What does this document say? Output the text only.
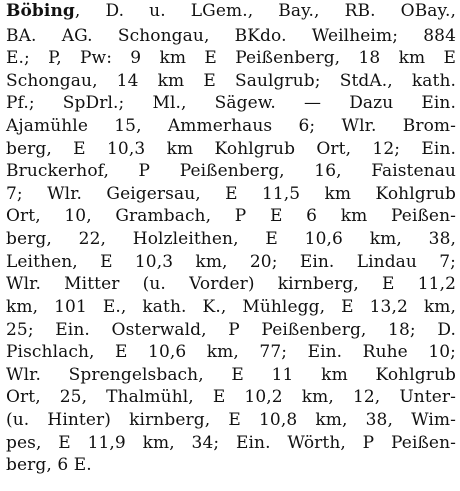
Böbing, D. u. LGem., Bay., RB. OBay.,
BA. AG. Schongau, BKdo. Weilheim; 884
E.; P, Pw: 9 km E Peißenberg, 18 km E
Schongau, 14 km E Saulgrub; StdA., kath.
Pf.; SpDrl.; Ml., Sägew. — Dazu Ein.
Ajamühle 15, Ammerhaus 6; Wlr. Brom-
berg, E 10,3 km Kohlgrub Ort, 12; Ein.
Bruckerhof, P Peißenberg, 16, Faistenau
7; Wlr. Geigersau, E 11,5 km Kohlgrub
Ort, 10, Grambach, P E 6 km Peißen-
berg, 22, Holzleithen, E 10,6 km, 38,
Leithen, E 10,3 km, 20; Ein. Lindau 7;
Wlr. Mitter (u. Vorder) kirnberg, E 11,2
km, 101 E., kath. K., Mühlegg, E 13,2 km,
25; Ein. Osterwald, P Peißenberg, 18; D.
Pischlach, E 10,6 km, 77; Ein. Ruhe 10;
Wlr. Sprengelsbach, E 11 km Kohlgrub
Ort, 25, Thalmühl, E 10,2 km, 12, Unter-
(u. Hinter) kirnberg, E 10,8 km, 38, Wim-
pes, E 11,9 km, 34; Ein. Wörth, P Peißen-
berg, 6 E.
